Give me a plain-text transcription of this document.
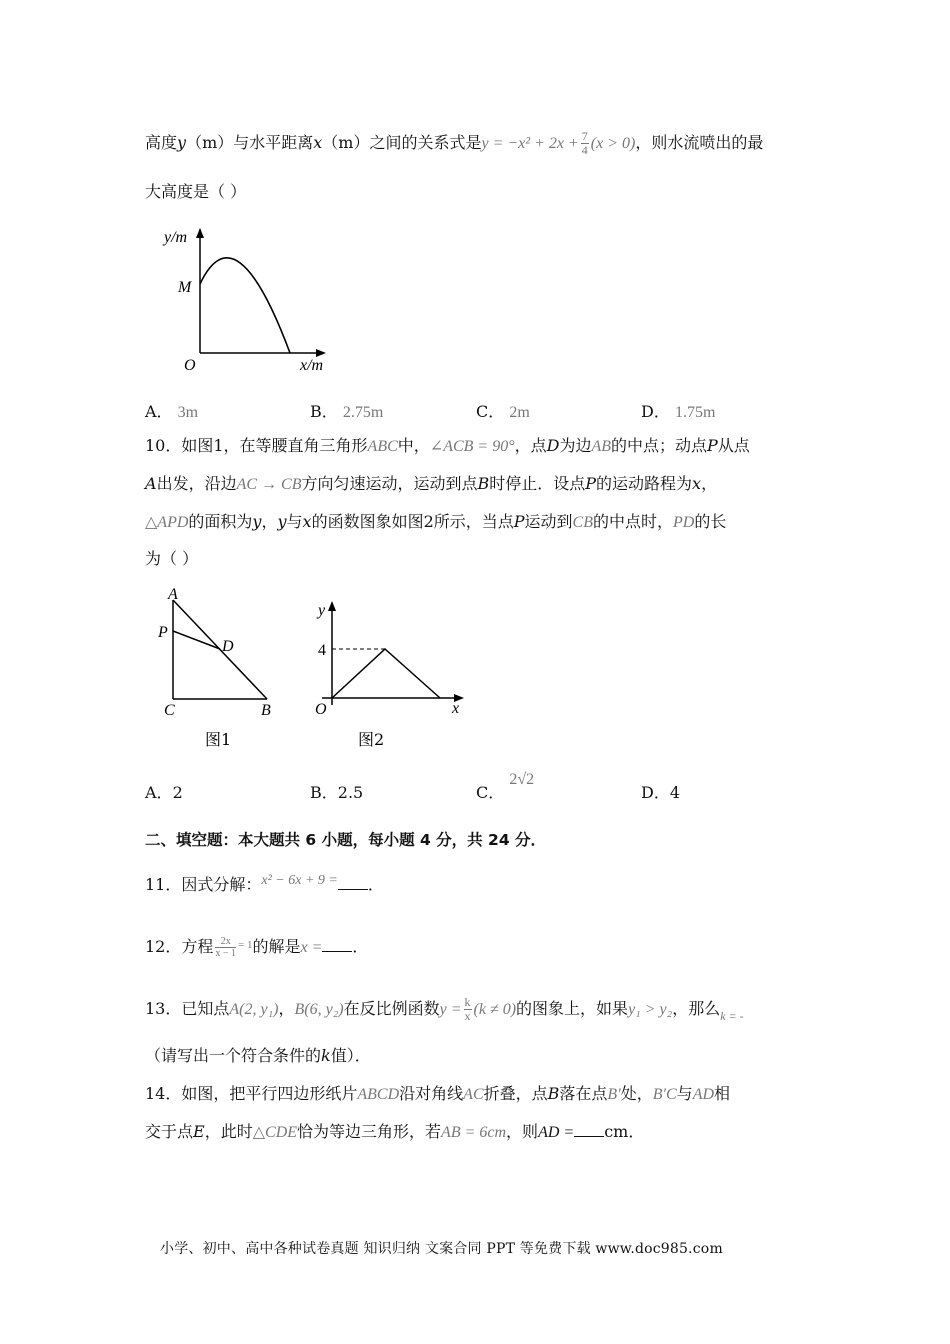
高度y（m）与水平距离x（m）之间的关系式是$y = -x^2 + 2x + \frac{7}{4} (x > 0)$，则水流喷出的最
大高度是（ ）
y/m
M
O	x/m
A． 3m	B． 2.75m	C． 2m	D． 1.75m
10．如图1，在等腰直角三角形ABC中，∠ACB = 90°，点D为边AB的中点；动点P从点
A出发，沿边AC → CB方向匀速运动，运动到点B时停止．设点P的运动路程为x，
△APD的面积为y，y与x的函数图象如图2所示，当点P运动到CB的中点时，PD的长
为（ ）
A
P
D
C	B
图1
y
4
O	x
图2
A．2	B．2.5	C． 2√2
D．4
二、填空题：本大题共 6 小题，每小题 4 分，共 24 分．
11．因式分解：x² − 6x + 9 = ．
12．方程 $\frac{2x}{x - 1} ^{= 1}$的解是x = ．
13．已知点A(2, y₁)，B(6, y₂)在反比例函数$y = \frac{k}{x} (k \ne 0)$的图象上，如果y₁ > y₂，那么$_{k = -}$
（请写出一个符合条件的k值）．
14．如图，把平行四边形纸片ABCD沿对角线AC折叠，点B落在点B′处，B′C与AD相
交于点E，此时△CDE恰为等边三角形，若AB = 6cm，则AD = cm．
小学、初中、高中各种试卷真题 知识归纳 文案合同 PPT 等免费下载 www.doc985.com
